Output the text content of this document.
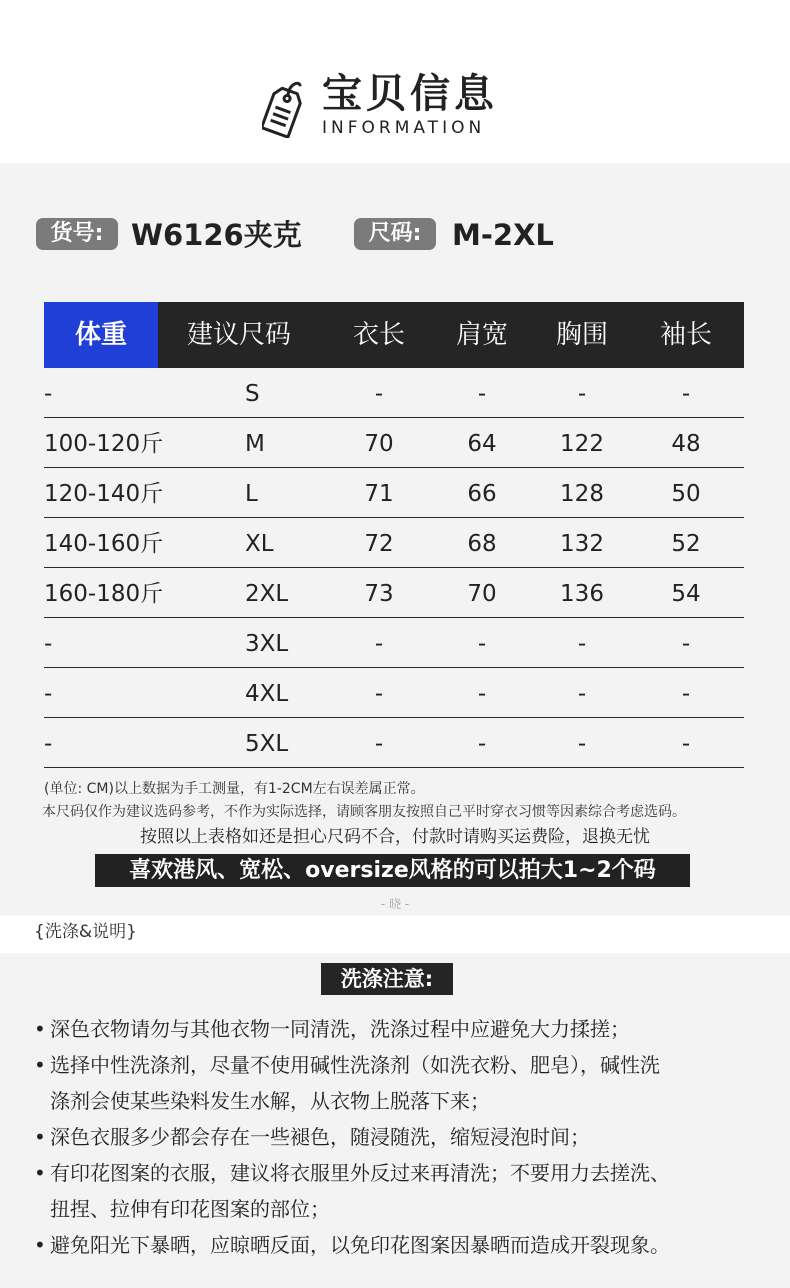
宝贝信息
INFORMATION
货号: W6126夹克	尺码:	M-2XL
体重	建议尺码	衣长	肩宽	胸围	袖长
-	S	-	-	-	-
100-120斤	M	70	64	122	48
120-140斤	L	71	66	128	50
140-160斤	XL	72	68	132	52
160-180斤	2XL	73	70	136	54
-	3XL	-	-	-	-
-	4XL	-	-	-	-
-	5XL	-	-	-	-
(单位: CM)以上数据为手工测量，有1-2CM左右误差属正常。
本尺码仅作为建议选码参考，不作为实际选择，请顾客朋友按照自己平时穿衣习惯等因素综合考虑选码。
按照以上表格如还是担心尺码不合，付款时请购买运费险，退换无忧
喜欢港风、宽松、oversize风格的可以拍大1~2个码
- 晓 -
{洗涤&说明}
洗涤注意:
• 深色衣物请勿与其他衣物一同清洗，洗涤过程中应避免大力揉搓；
• 选择中性洗涤剂，尽量不使用碱性洗涤剂（如洗衣粉、肥皂），碱性洗
涤剂会使某些染料发生水解，从衣物上脱落下来；
• 深色衣服多少都会存在一些褪色，随浸随洗，缩短浸泡时间；
• 有印花图案的衣服，建议将衣服里外反过来再清洗；不要用力去搓洗、
扭捏、拉伸有印花图案的部位；
• 避免阳光下暴晒，应晾晒反面，以免印花图案因暴晒而造成开裂现象。
